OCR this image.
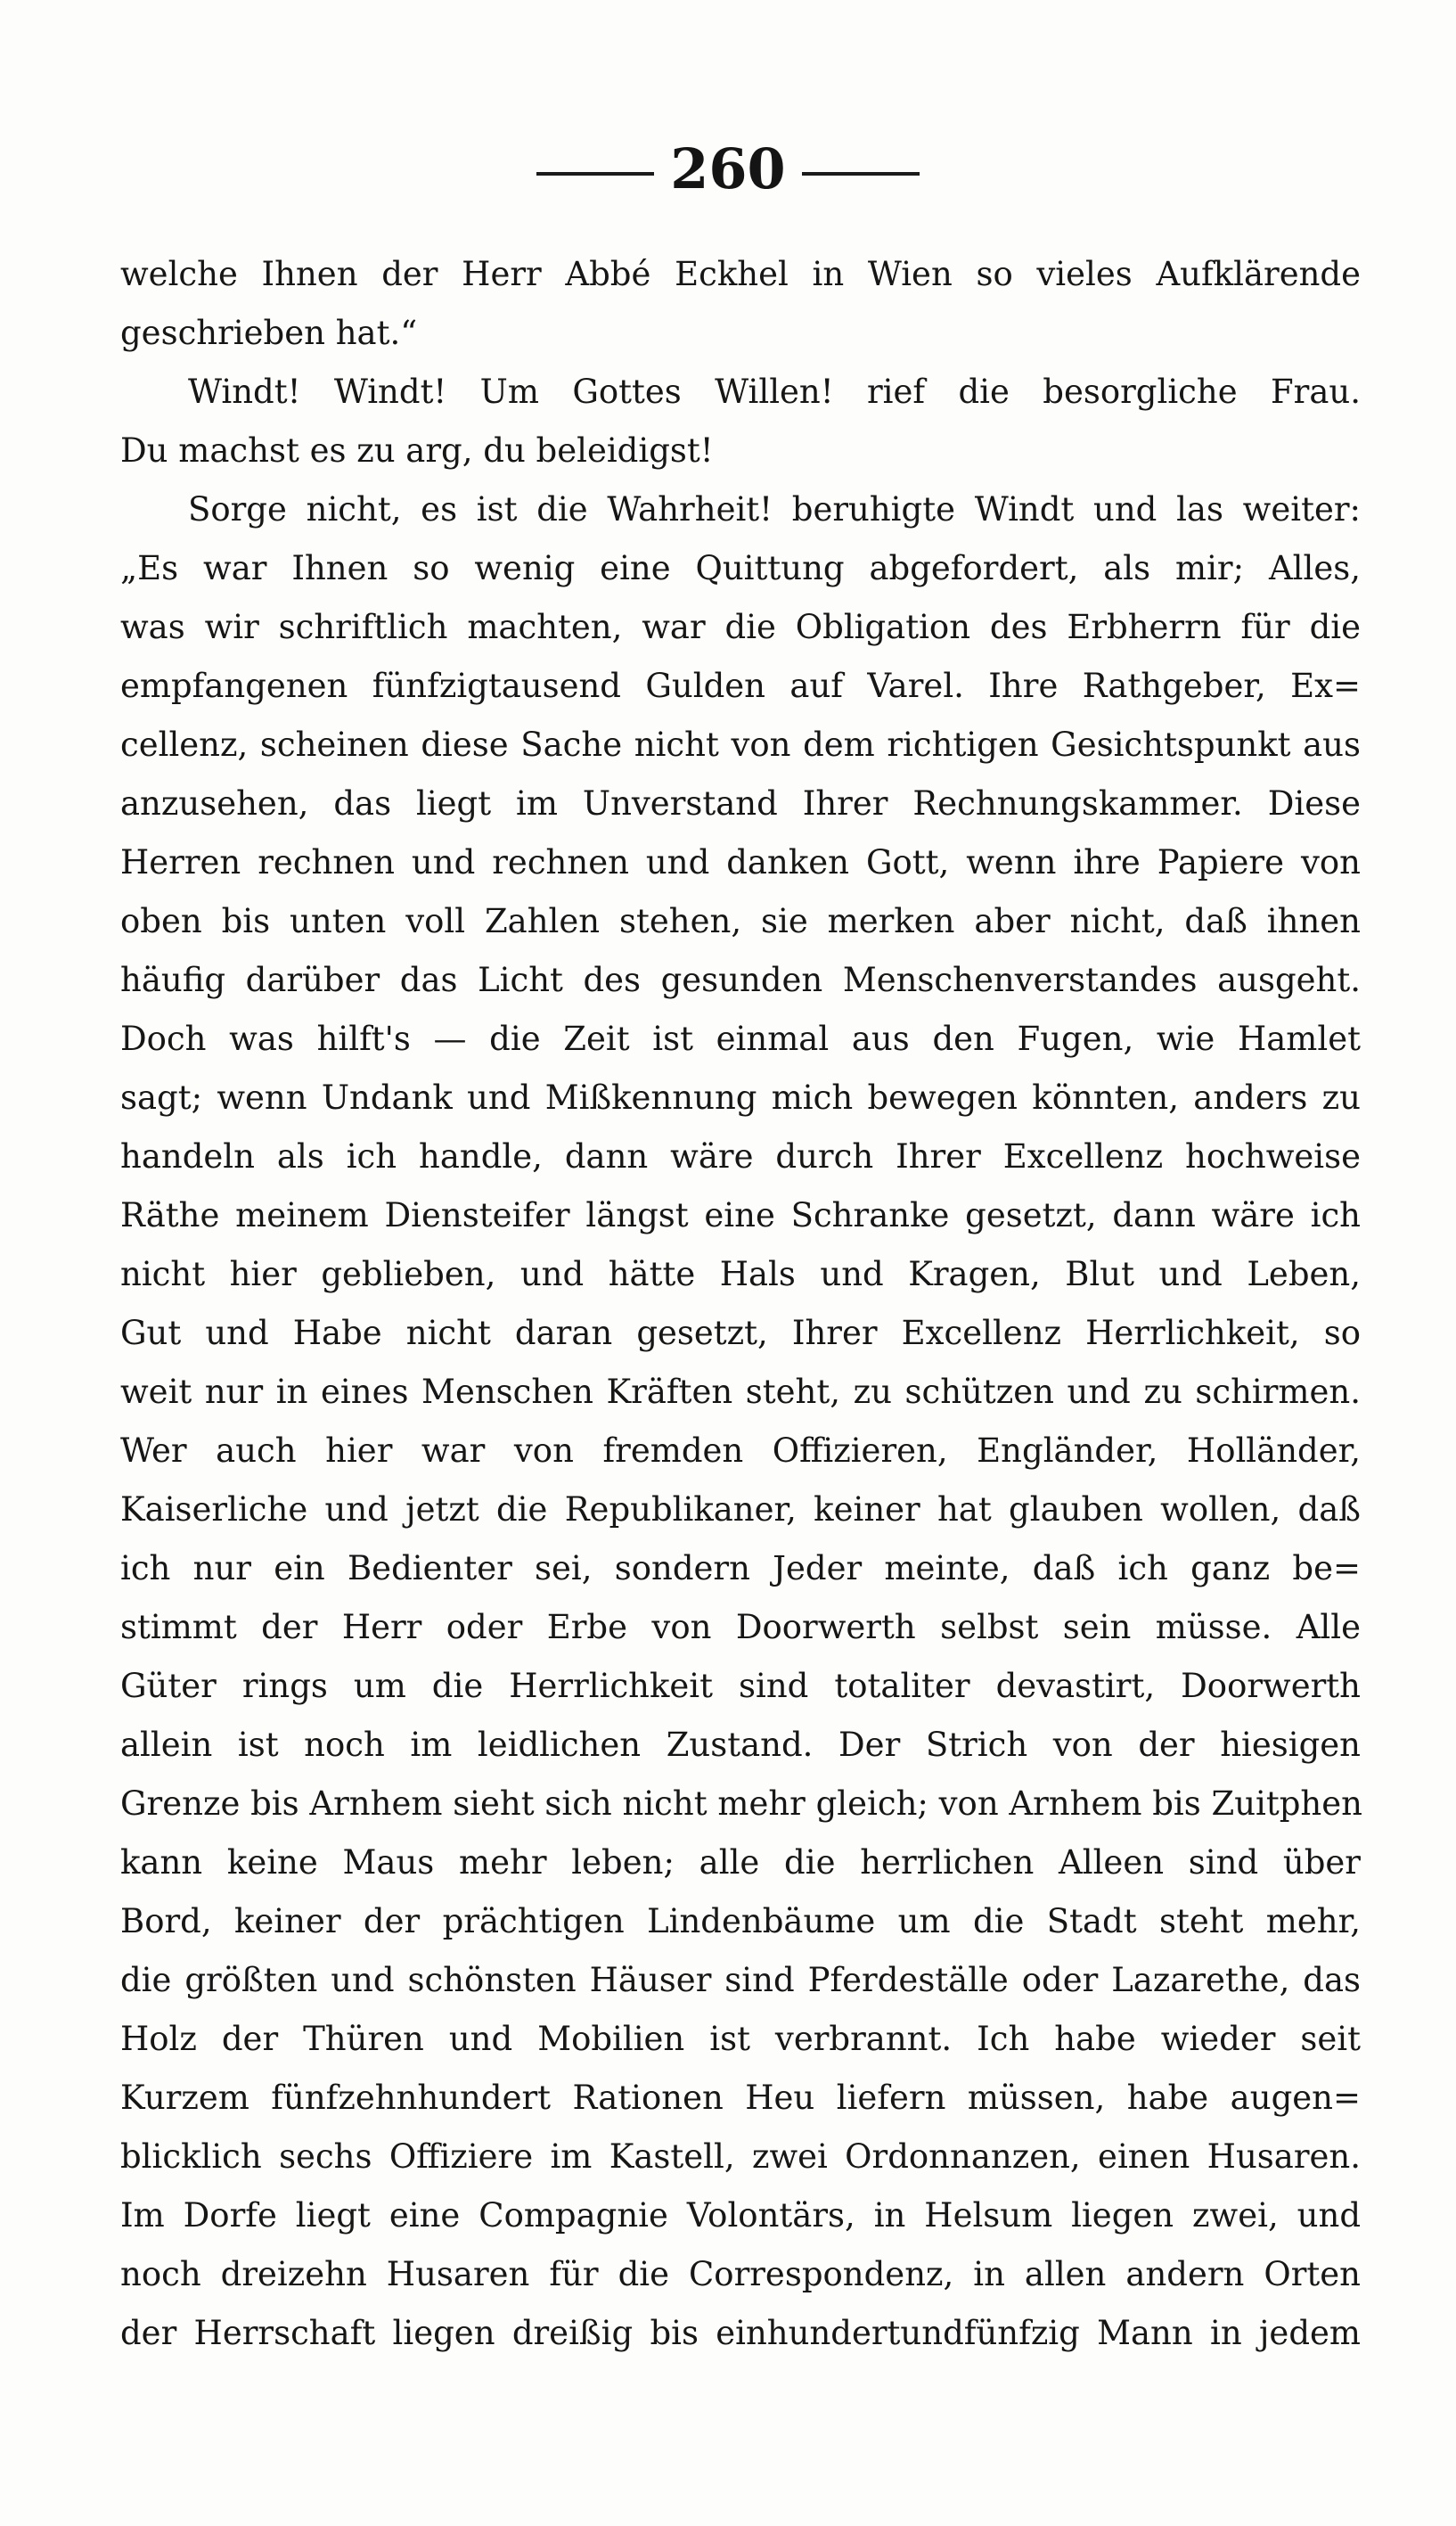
260
welche Ihnen der Herr Abbé Eckhel in Wien so vieles Aufklärende
geschrieben hat.“
Windt! Windt! Um Gottes Willen! rief die besorgliche Frau.
Du machst es zu arg, du beleidigst!
Sorge nicht, es ist die Wahrheit! beruhigte Windt und las weiter:
„Es war Ihnen so wenig eine Quittung abgefordert, als mir; Alles,
was wir schriftlich machten, war die Obligation des Erbherrn für die
empfangenen fünfzigtausend Gulden auf Varel. Ihre Rathgeber, Ex=
cellenz, scheinen diese Sache nicht von dem richtigen Gesichtspunkt aus
anzusehen, das liegt im Unverstand Ihrer Rechnungskammer. Diese
Herren rechnen und rechnen und danken Gott, wenn ihre Papiere von
oben bis unten voll Zahlen stehen, sie merken aber nicht, daß ihnen
häufig darüber das Licht des gesunden Menschenverstandes ausgeht.
Doch was hilft's — die Zeit ist einmal aus den Fugen, wie Hamlet
sagt; wenn Undank und Mißkennung mich bewegen könnten, anders zu
handeln als ich handle, dann wäre durch Ihrer Excellenz hochweise
Räthe meinem Diensteifer längst eine Schranke gesetzt, dann wäre ich
nicht hier geblieben, und hätte Hals und Kragen, Blut und Leben,
Gut und Habe nicht daran gesetzt, Ihrer Excellenz Herrlichkeit, so
weit nur in eines Menschen Kräften steht, zu schützen und zu schirmen.
Wer auch hier war von fremden Offizieren, Engländer, Holländer,
Kaiserliche und jetzt die Republikaner, keiner hat glauben wollen, daß
ich nur ein Bedienter sei, sondern Jeder meinte, daß ich ganz be=
stimmt der Herr oder Erbe von Doorwerth selbst sein müsse. Alle
Güter rings um die Herrlichkeit sind totaliter devastirt, Doorwerth
allein ist noch im leidlichen Zustand. Der Strich von der hiesigen
Grenze bis Arnhem sieht sich nicht mehr gleich; von Arnhem bis Zuitphen
kann keine Maus mehr leben; alle die herrlichen Alleen sind über
Bord, keiner der prächtigen Lindenbäume um die Stadt steht mehr,
die größten und schönsten Häuser sind Pferdeställe oder Lazarethe, das
Holz der Thüren und Mobilien ist verbrannt. Ich habe wieder seit
Kurzem fünfzehnhundert Rationen Heu liefern müssen, habe augen=
blicklich sechs Offiziere im Kastell, zwei Ordonnanzen, einen Husaren.
Im Dorfe liegt eine Compagnie Volontärs, in Helsum liegen zwei, und
noch dreizehn Husaren für die Correspondenz, in allen andern Orten
der Herrschaft liegen dreißig bis einhundertundfünfzig Mann in jedem
